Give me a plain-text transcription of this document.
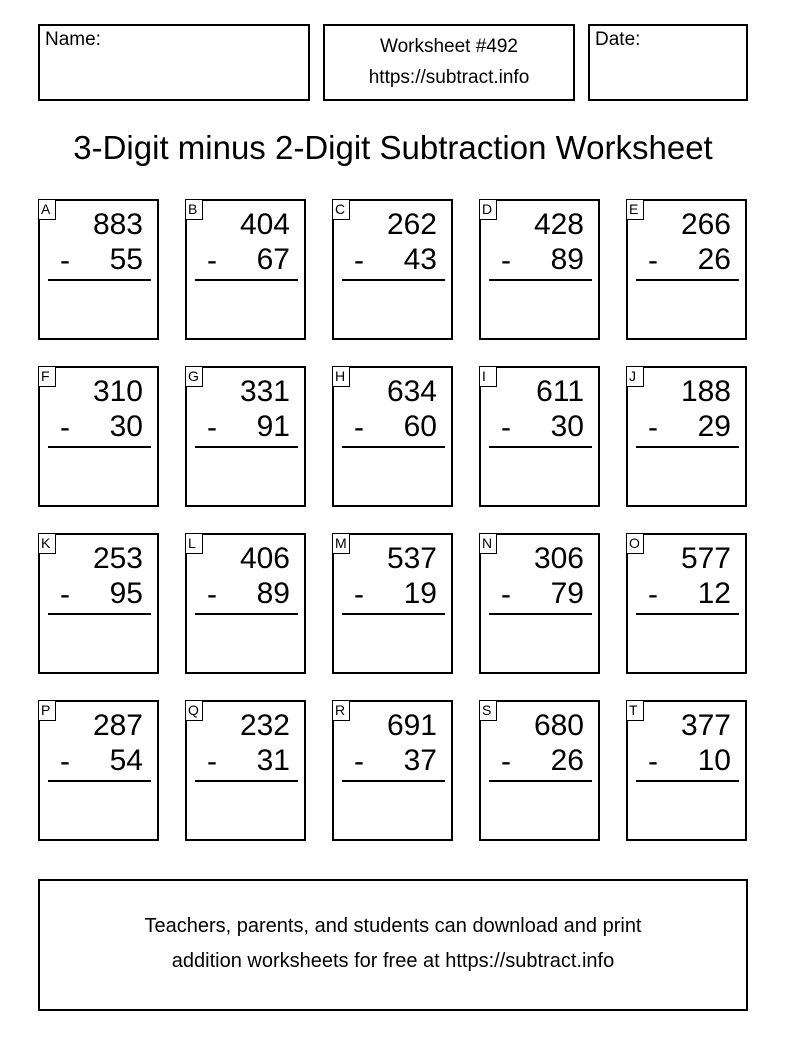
Name:	Worksheet #492
https://subtract.info
Date:
3-Digit minus 2-Digit Subtraction Worksheet
A 883
- 55
B 404
- 67
C 262
- 43
D 428
- 89
E 266
- 26
F 310
- 30
G 331
- 91
H 634
- 60
I	611
- 30
J 188
- 29
K 253
- 95
L 406
- 89
M 537
- 19
N 306
- 79
O 577
- 12
P 287
- 54
Q 232
- 31
R 691
- 37
S 680
- 26
T 377
- 10
Teachers, parents, and students can download and print
addition worksheets for free at https://subtract.info
